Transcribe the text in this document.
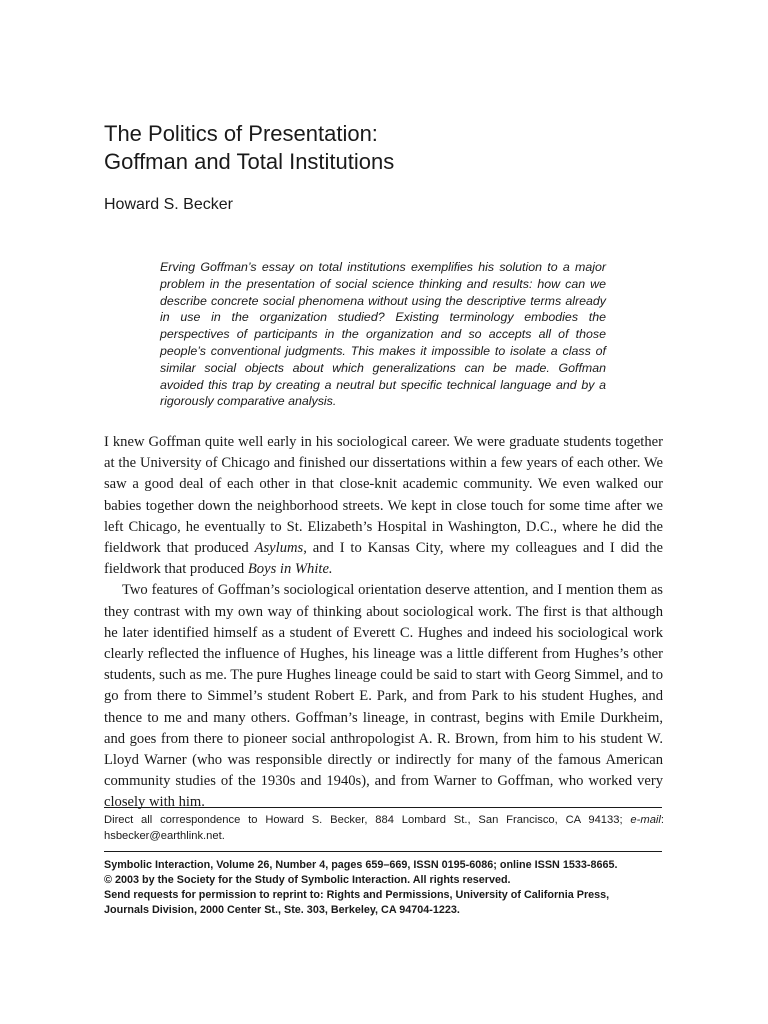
The Politics of Presentation:
Goffman and Total Institutions
Howard S. Becker

Erving Goffman’s essay on total institutions exemplifies his solution to a major problem in the presentation of social science thinking and results: how can we describe concrete social phenomena without using the descriptive terms already in use in the organization studied? Existing terminology embodies the perspectives of participants in the organization and so accepts all of those people’s conventional judgments. This makes it impossible to isolate a class of similar social objects about which generalizations can be made. Goffman avoided this trap by creating a neutral but specific technical language and by a rigorously comparative analysis.

I knew Goffman quite well early in his sociological career. We were graduate students together at the University of Chicago and finished our dissertations within a few years of each other. We saw a good deal of each other in that close-knit academic community. We even walked our babies together down the neighborhood streets. We kept in close touch for some time after we left Chicago, he eventually to St. Elizabeth’s Hospital in Washington, D.C., where he did the fieldwork that produced Asylums, and I to Kansas City, where my colleagues and I did the fieldwork that produced Boys in White.

Two features of Goffman’s sociological orientation deserve attention, and I mention them as they contrast with my own way of thinking about sociological work. The first is that although he later identified himself as a student of Everett C. Hughes and indeed his sociological work clearly reflected the influence of Hughes, his lineage was a little different from Hughes’s other students, such as me. The pure Hughes lineage could be said to start with Georg Simmel, and to go from there to Simmel’s student Robert E. Park, and from Park to his student Hughes, and thence to me and many others. Goffman’s lineage, in contrast, begins with Emile Durkheim, and goes from there to pioneer social anthropologist A. R. Brown, from him to his student W. Lloyd Warner (who was responsible directly or indirectly for many of the famous American community studies of the 1930s and 1940s), and from Warner to Goffman, who worked very closely with him.

Direct all correspondence to Howard S. Becker, 884 Lombard St., San Francisco, CA 94133; e-mail: hsbecker@earthlink.net.

Symbolic Interaction, Volume 26, Number 4, pages 659–669, ISSN 0195-6086; online ISSN 1533-8665.
© 2003 by the Society for the Study of Symbolic Interaction. All rights reserved.
Send requests for permission to reprint to: Rights and Permissions, University of California Press,
Journals Division, 2000 Center St., Ste. 303, Berkeley, CA 94704-1223.
